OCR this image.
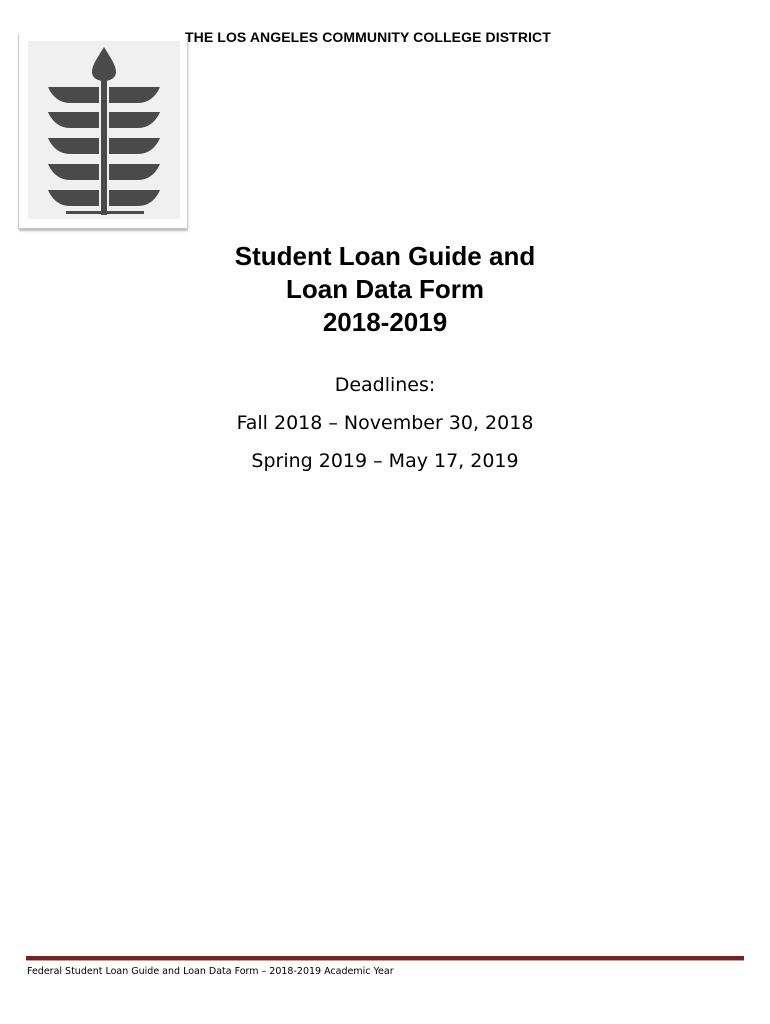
THE LOS ANGELES COMMUNITY COLLEGE DISTRICT
Student Loan Guide and
Loan Data Form
2018-2019
Deadlines:
Fall 2018 – November 30, 2018
Spring 2019 – May 17, 2019
Federal Student Loan Guide and Loan Data Form – 2018-2019 Academic Year
